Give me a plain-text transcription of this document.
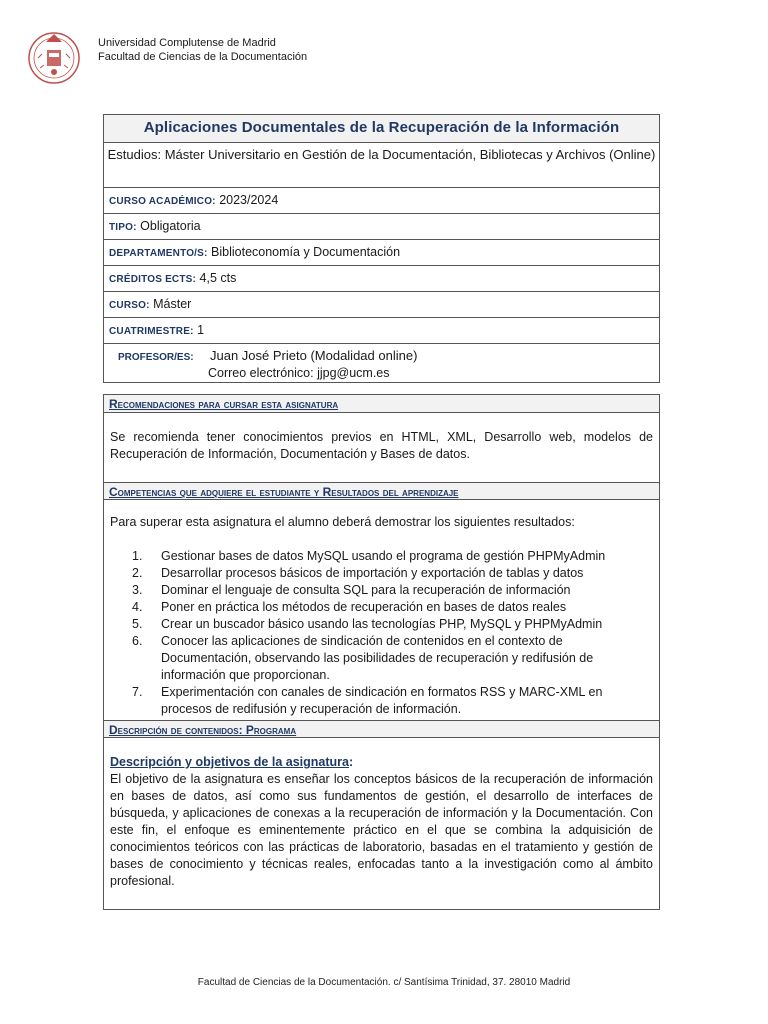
Universidad Complutense de Madrid
Facultad de Ciencias de la Documentación
Aplicaciones Documentales de la Recuperación de la Información
Estudios: Máster Universitario en Gestión de la Documentación, Bibliotecas y Archivos (Online)
CURSO ACADÉMICO: 2023/2024
TIPO: Obligatoria
DEPARTAMENTO/S: Biblioteconomía y Documentación
CRÉDITOS ECTS: 4,5 cts
CURSO: Máster
CUATRIMESTRE: 1
PROFESOR/ES: Juan José Prieto (Modalidad online)
Correo electrónico: jjpg@ucm.es
Recomendaciones para cursar esta asignatura
Se recomienda tener conocimientos previos en HTML, XML, Desarrollo web, modelos de Recuperación de Información, Documentación y Bases de datos.
Competencias que adquiere el estudiante y Resultados del aprendizaje
Para superar esta asignatura el alumno deberá demostrar los siguientes resultados:
1. Gestionar bases de datos MySQL usando el programa de gestión PHPMyAdmin
2. Desarrollar procesos básicos de importación y exportación de tablas y datos
3. Dominar el lenguaje de consulta SQL para la recuperación de información
4. Poner en práctica los métodos de recuperación en bases de datos reales
5. Crear un buscador básico usando las tecnologías PHP, MySQL y PHPMyAdmin
6. Conocer las aplicaciones de sindicación de contenidos en el contexto de Documentación, observando las posibilidades de recuperación y redifusión de información que proporcionan.
7. Experimentación con canales de sindicación en formatos RSS y MARC-XML en procesos de redifusión y recuperación de información.
Descripción de contenidos: Programa
Descripción y objetivos de la asignatura:
El objetivo de la asignatura es enseñar los conceptos básicos de la recuperación de información en bases de datos, así como sus fundamentos de gestión, el desarrollo de interfaces de búsqueda, y aplicaciones de conexas a la recuperación de información y la Documentación. Con este fin, el enfoque es eminentemente práctico en el que se combina la adquisición de conocimientos teóricos con las prácticas de laboratorio, basadas en el tratamiento y gestión de bases de conocimiento y técnicas reales, enfocadas tanto a la investigación como al ámbito profesional.
Facultad de Ciencias de la Documentación. c/ Santísima Trinidad, 37. 28010 Madrid
